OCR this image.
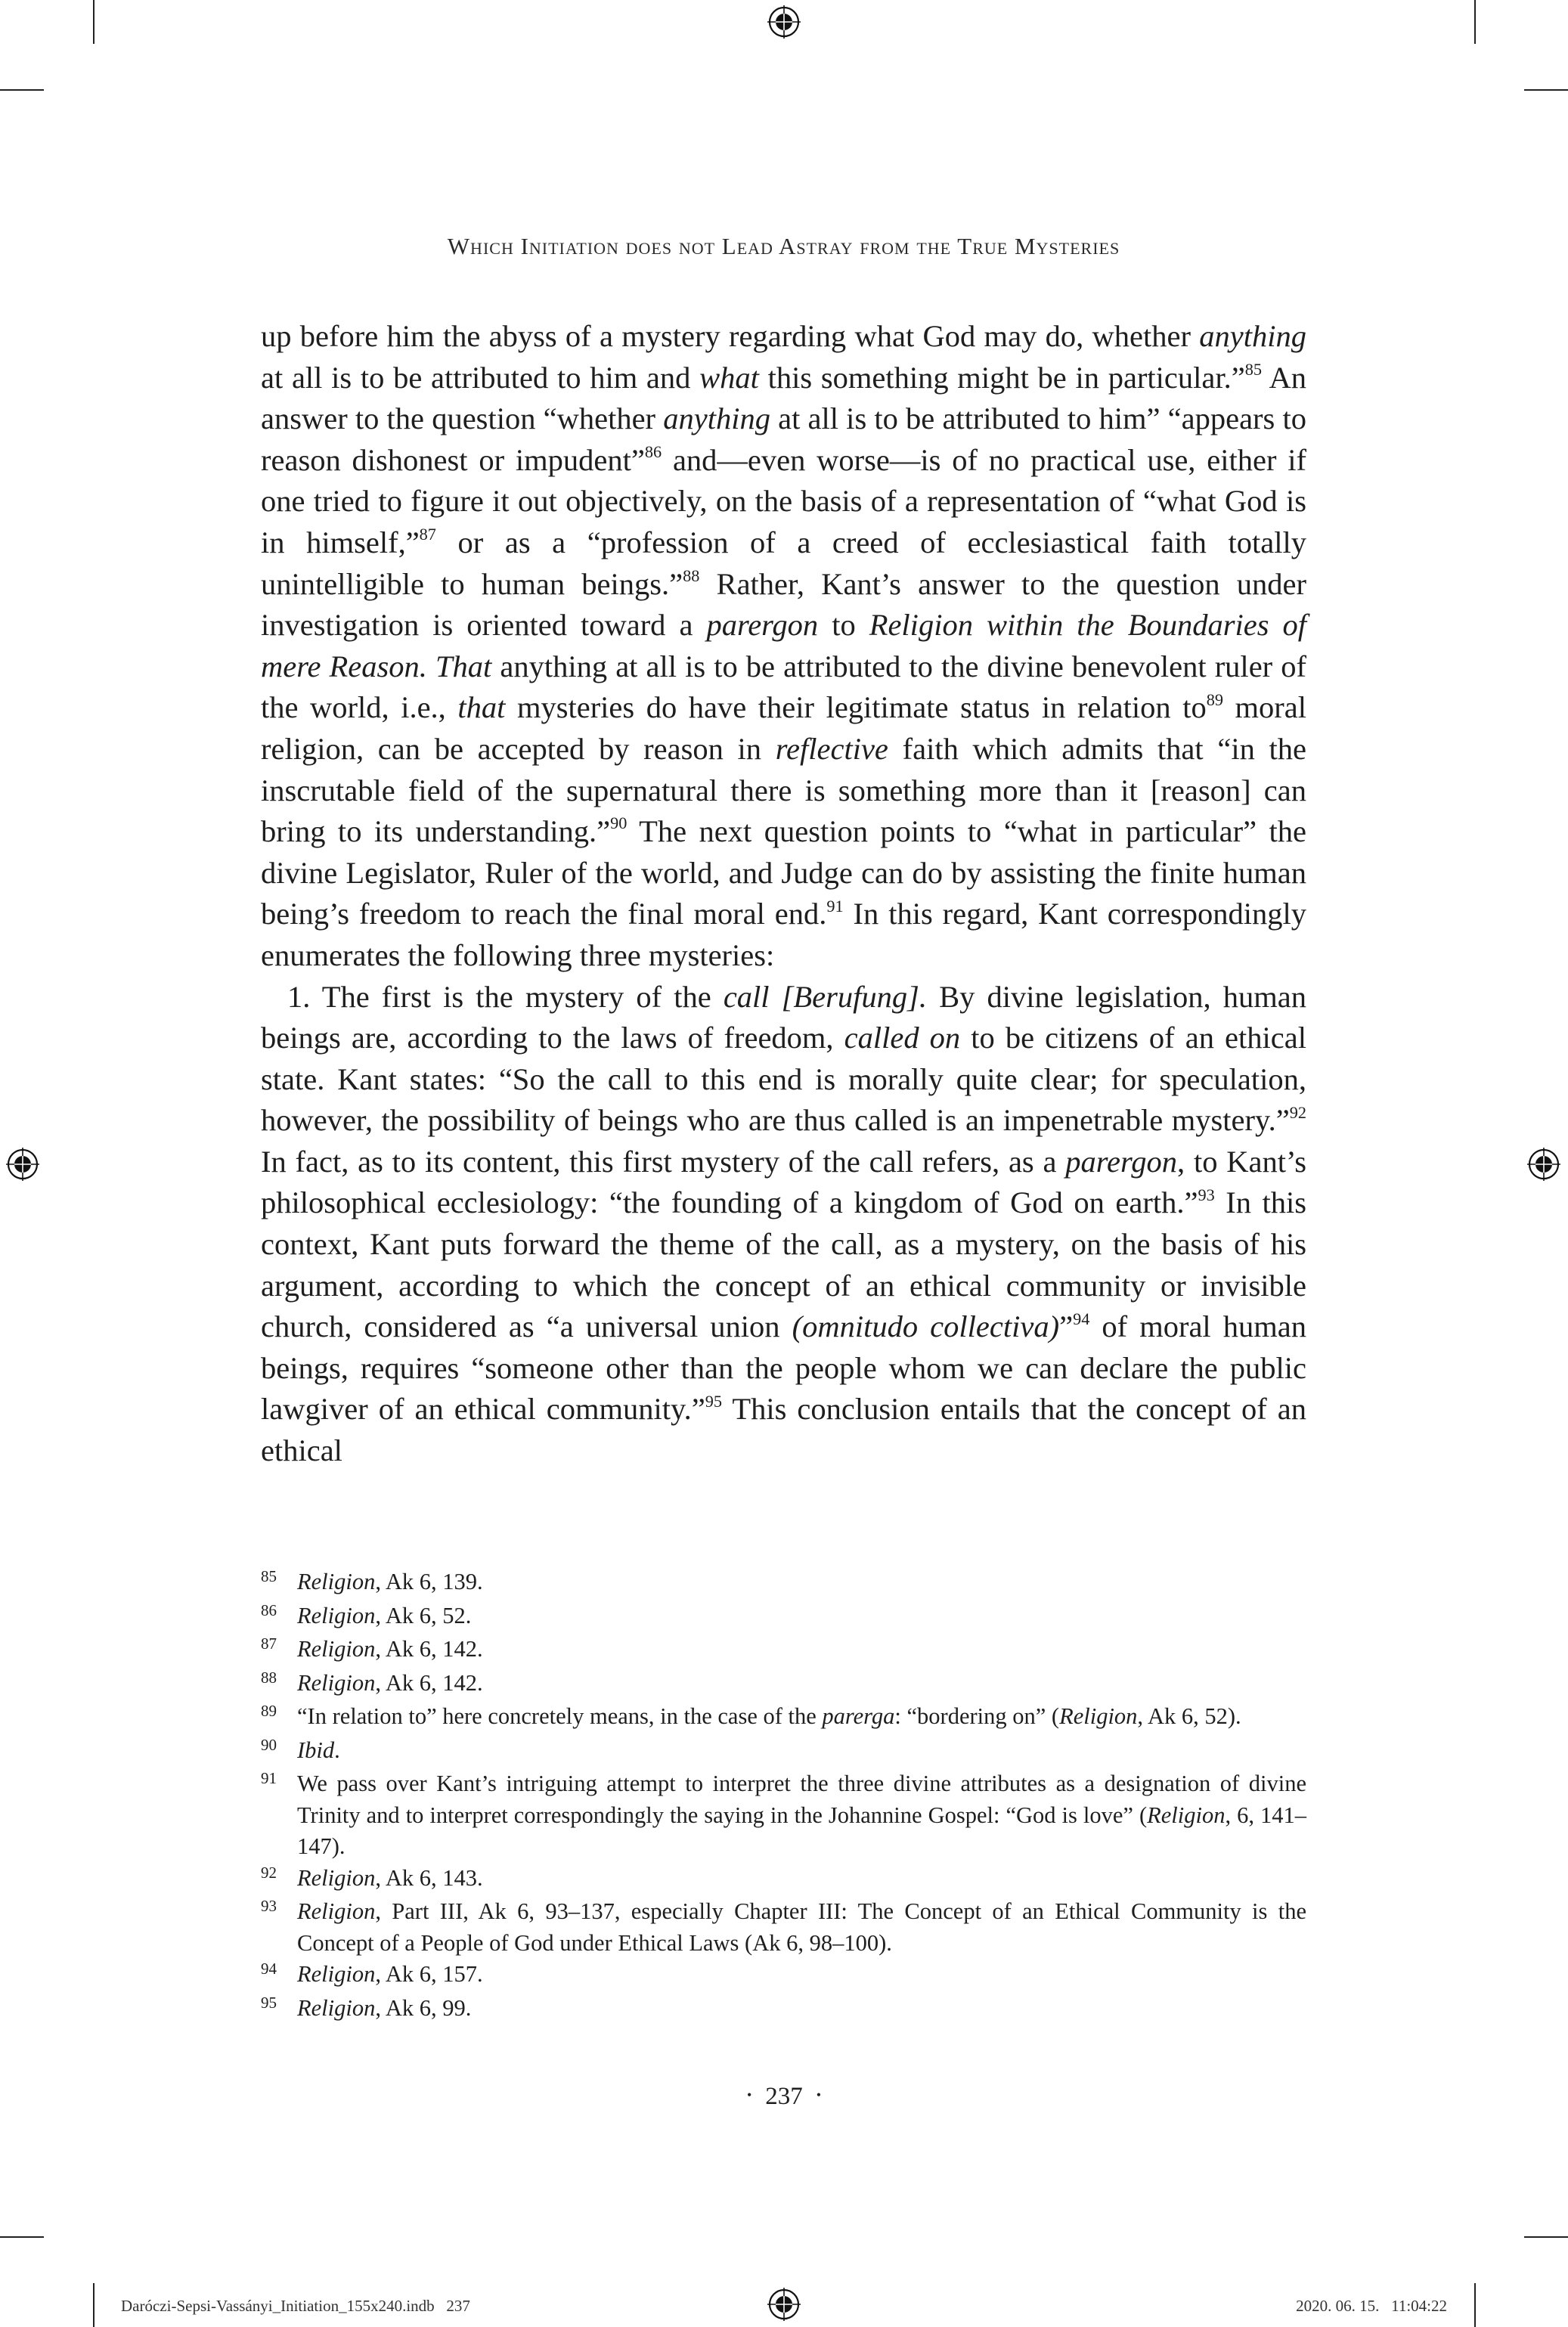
Which Initiation does not Lead Astray from the True Mysteries

up before him the abyss of a mystery regarding what God may do, whether anything at all is to be attributed to him and what this something might be in particular.”$^{85}$ An answer to the question “whether anything at all is to be attributed to him” “appears to reason dishonest or impudent”$^{86}$ and—even worse—is of no practical use, either if one tried to figure it out objectively, on the basis of a representation of “what God is in himself,”$^{87}$ or as a “profession of a creed of ecclesiastical faith totally unintelligible to human beings.”$^{88}$ Rather, Kant’s answer to the question under investigation is oriented toward a parergon to Religion within the Boundaries of mere Reason. That anything at all is to be attributed to the divine benevolent ruler of the world, i.e., that mysteries do have their legitimate status in relation to$^{89}$ moral religion, can be accepted by reason in reflective faith which admits that “in the inscrutable field of the supernatural there is something more than it [reason] can bring to its understanding.”$^{90}$ The next question points to “what in particular” the divine Legislator, Ruler of the world, and Judge can do by assisting the finite human being’s freedom to reach the final moral end.$^{91}$ In this regard, Kant correspondingly enumerates the following three mysteries:

1. The first is the mystery of the call [Berufung]. By divine legislation, human beings are, according to the laws of freedom, called on to be citizens of an ethical state. Kant states: “So the call to this end is morally quite clear; for speculation, however, the possibility of beings who are thus called is an impenetrable mystery.”$^{92}$ In fact, as to its content, this first mystery of the call refers, as a parergon, to Kant’s philosophical ecclesiology: “the founding of a kingdom of God on earth.”$^{93}$ In this context, Kant puts forward the theme of the call, as a mystery, on the basis of his argument, according to which the concept of an ethical community or invisible church, considered as “a universal union (omnitudo collectiva)”$^{94}$ of moral human beings, requires “someone other than the people whom we can declare the public lawgiver of an ethical community.”$^{95}$ This conclusion entails that the concept of an ethical

85 Religion, Ak 6, 139.
86 Religion, Ak 6, 52.
87 Religion, Ak 6, 142.
88 Religion, Ak 6, 142.
89 “In relation to” here concretely means, in the case of the parerga: “bordering on” (Religion, Ak 6, 52).
90 Ibid.
91 We pass over Kant’s intriguing attempt to interpret the three divine attributes as a designation of divine Trinity and to interpret correspondingly the saying in the Johannine Gospel: “God is love” (Religion, 6, 141–147).
92 Religion, Ak 6, 143.
93 Religion, Part III, Ak 6, 93–137, especially Chapter III: The Concept of an Ethical Community is the Concept of a People of God under Ethical Laws (Ak 6, 98–100).
94 Religion, Ak 6, 157.
95 Religion, Ak 6, 99.
• 237 •
Daróczi-Sepsi-Vassányi_Initiation_155x240.indb   237	2020. 06. 15.   11:04:22
